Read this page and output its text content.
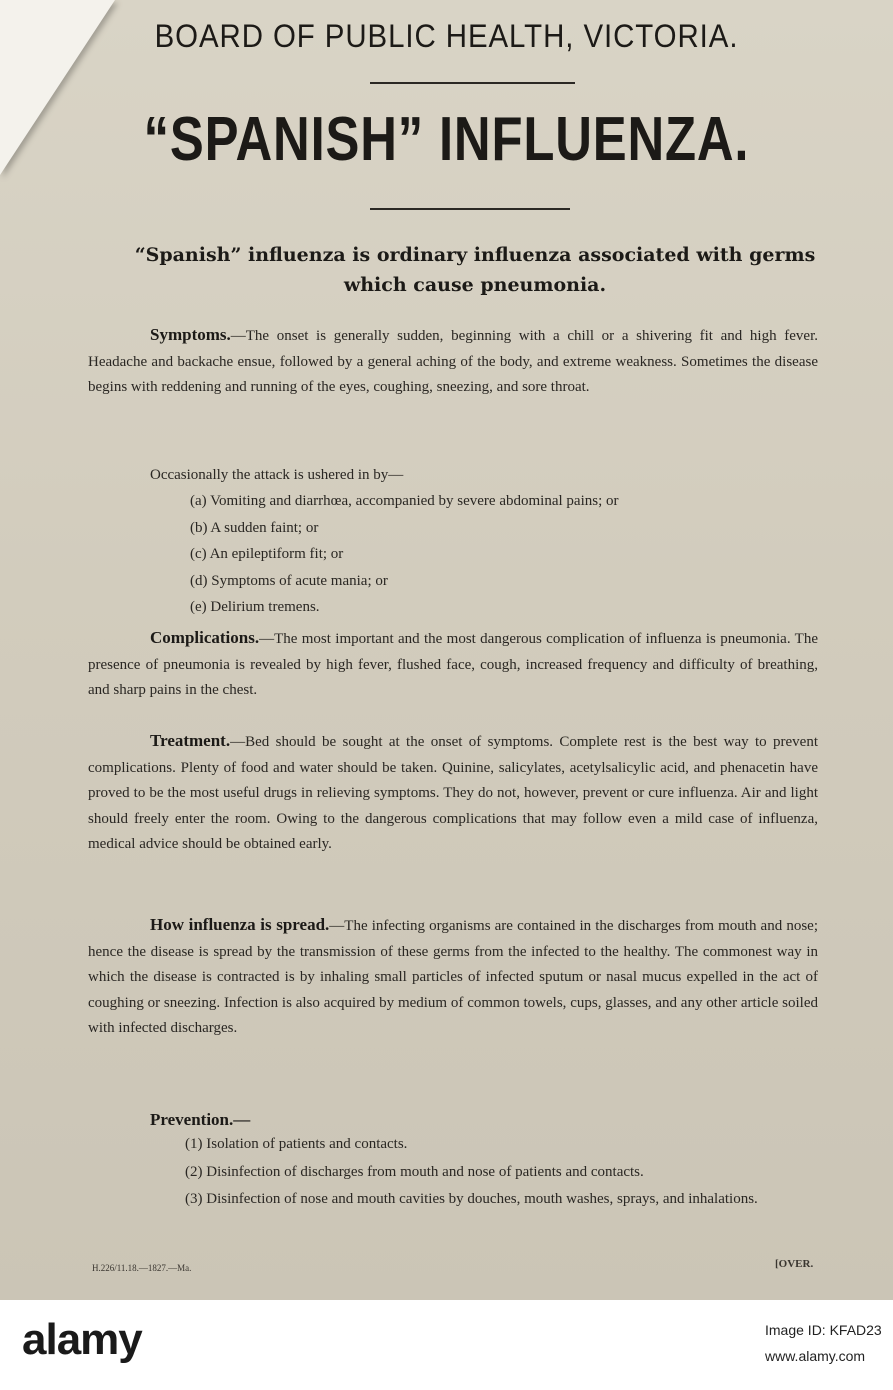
BOARD OF PUBLIC HEALTH, VICTORIA.
“SPANISH” INFLUENZA.
“Spanish” influenza is ordinary influenza associated with germs which cause pneumonia.
Symptoms.—The onset is generally sudden, beginning with a chill or a shivering fit and high fever. Headache and backache ensue, followed by a general aching of the body, and extreme weakness. Sometimes the disease begins with reddening and running of the eyes, coughing, sneezing, and sore throat.
Occasionally the attack is ushered in by—
(a) Vomiting and diarrhœa, accompanied by severe abdominal pains; or
(b) A sudden faint; or
(c) An epileptiform fit; or
(d) Symptoms of acute mania; or
(e) Delirium tremens.
Complications.—The most important and the most dangerous complication of influenza is pneumonia. The presence of pneumonia is revealed by high fever, flushed face, cough, increased frequency and difficulty of breathing, and sharp pains in the chest.
Treatment.—Bed should be sought at the onset of symptoms. Complete rest is the best way to prevent complications. Plenty of food and water should be taken. Quinine, salicylates, acetylsalicylic acid, and phenacetin have proved to be the most useful drugs in relieving symptoms. They do not, however, prevent or cure influenza. Air and light should freely enter the room. Owing to the dangerous complications that may follow even a mild case of influenza, medical advice should be obtained early.
How influenza is spread.—The infecting organisms are contained in the discharges from mouth and nose; hence the disease is spread by the transmission of these germs from the infected to the healthy. The commonest way in which the disease is contracted is by inhaling small particles of infected sputum or nasal mucus expelled in the act of coughing or sneezing. Infection is also acquired by medium of common towels, cups, glasses, and any other article soiled with infected discharges.
Prevention.—
(1) Isolation of patients and contacts.
(2) Disinfection of discharges from mouth and nose of patients and contacts.
(3) Disinfection of nose and mouth cavities by douches, mouth washes, sprays, and inhalations.
H.226/11.18.—1827.—Ma.	[OVER.
alamy	Image ID: KFAD23
www.alamy.com
